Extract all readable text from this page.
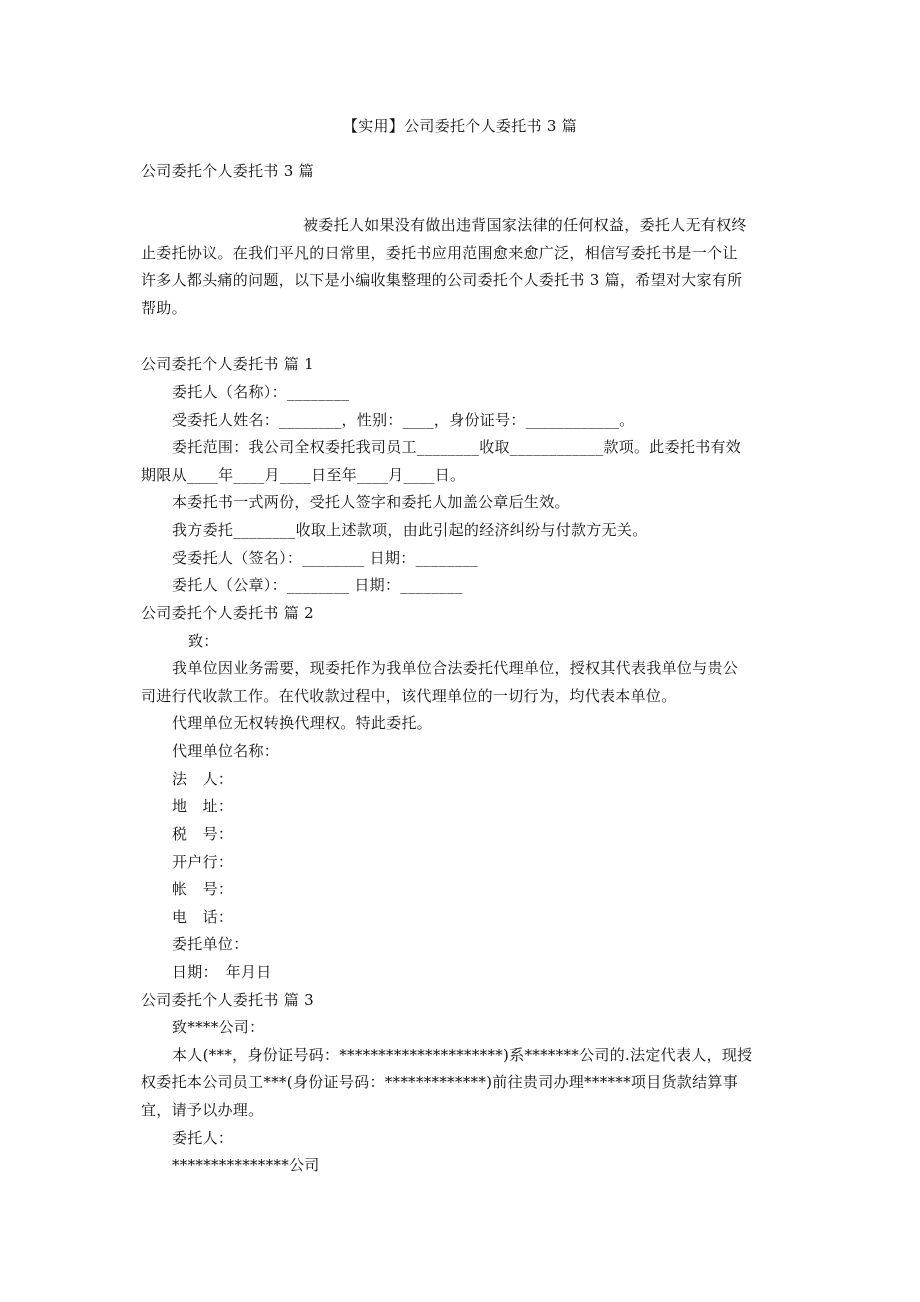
【实用】公司委托个人委托书 3 篇
公司委托个人委托书 3 篇
被委托人如果没有做出违背国家法律的任何权益，委托人无有权终
止委托协议。在我们平凡的日常里，委托书应用范围愈来愈广泛，相信写委托书是一个让
许多人都头痛的问题，以下是小编收集整理的公司委托个人委托书 3 篇，希望对大家有所
帮助。
公司委托个人委托书 篇 1
委托人（名称）：________
受委托人姓名：________，性别：____，身份证号：____________。
委托范围：我公司全权委托我司员工________收取____________款项。此委托书有效
期限从____年____月____日至年____月____日。
本委托书一式两份，受托人签字和委托人加盖公章后生效。
我方委托________收取上述款项，由此引起的经济纠纷与付款方无关。
受委托人（签名）：________ 日期：________
委托人（公章）：________ 日期：________
公司委托个人委托书 篇 2
致：
我单位因业务需要，现委托作为我单位合法委托代理单位，授权其代表我单位与贵公
司进行代收款工作。在代收款过程中，该代理单位的一切行为，均代表本单位。
代理单位无权转换代理权。特此委托。
代理单位名称：
法　人：
地　址：
税　号：
开户行：
帐　号：
电　话：
委托单位：
日期：　年月日
公司委托个人委托书 篇 3
致****公司：
本人(***，身份证号码：*********************)系*******公司的.法定代表人，现授
权委托本公司员工***(身份证号码：*************)前往贵司办理******项目货款结算事
宜，请予以办理。
委托人：
***************公司
